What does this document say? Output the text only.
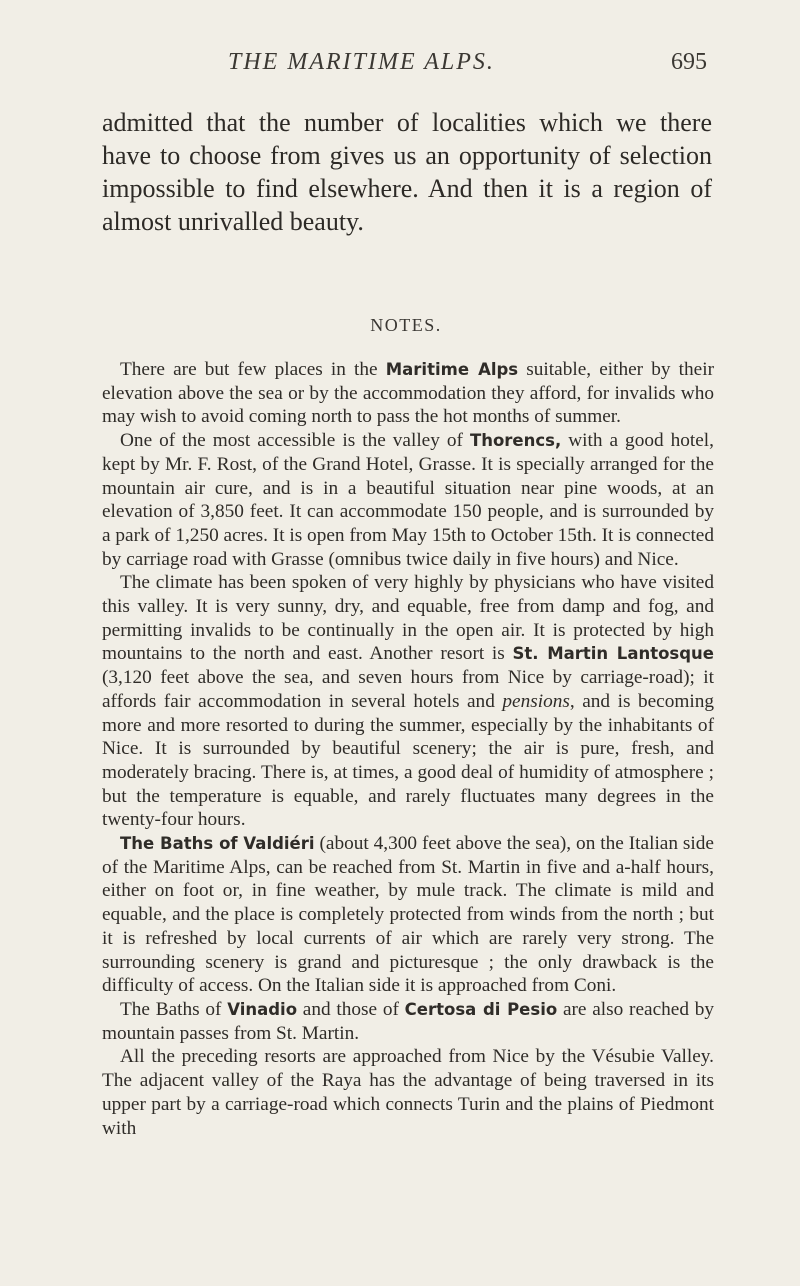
THE MARITIME ALPS.	695

admitted that the number of localities which we there have to choose from gives us an opportunity of selection impossible to find elsewhere. And then it is a region of almost unrivalled beauty.

NOTES.

There are but few places in the Maritime Alps suitable, either by their elevation above the sea or by the accommodation they afford, for invalids who may wish to avoid coming north to pass the hot months of summer.

One of the most accessible is the valley of Thorencs, with a good hotel, kept by Mr. F. Rost, of the Grand Hotel, Grasse. It is specially arranged for the mountain air cure, and is in a beautiful situation near pine woods, at an elevation of 3,850 feet. It can accommodate 150 people, and is surrounded by a park of 1,250 acres. It is open from May 15th to October 15th. It is connected by carriage road with Grasse (omnibus twice daily in five hours) and Nice.

The climate has been spoken of very highly by physicians who have visited this valley. It is very sunny, dry, and equable, free from damp and fog, and permitting invalids to be continually in the open air. It is protected by high mountains to the north and east. Another resort is St. Martin Lantosque (3,120 feet above the sea, and seven hours from Nice by carriage-road); it affords fair accommodation in several hotels and pensions, and is becoming more and more resorted to during the summer, especially by the inhabitants of Nice. It is surrounded by beautiful scenery; the air is pure, fresh, and moderately bracing. There is, at times, a good deal of humidity of atmosphere ; but the temperature is equable, and rarely fluctuates many degrees in the twenty-four hours.

The Baths of Valdiéri (about 4,300 feet above the sea), on the Italian side of the Maritime Alps, can be reached from St. Martin in five and a-half hours, either on foot or, in fine weather, by mule track. The climate is mild and equable, and the place is completely protected from winds from the north ; but it is refreshed by local currents of air which are rarely very strong. The surrounding scenery is grand and picturesque ; the only drawback is the difficulty of access. On the Italian side it is approached from Coni.

The Baths of Vinadio and those of Certosa di Pesio are also reached by mountain passes from St. Martin.

All the preceding resorts are approached from Nice by the Vésubie Valley. The adjacent valley of the Raya has the advantage of being traversed in its upper part by a carriage-road which connects Turin and the plains of Piedmont with
